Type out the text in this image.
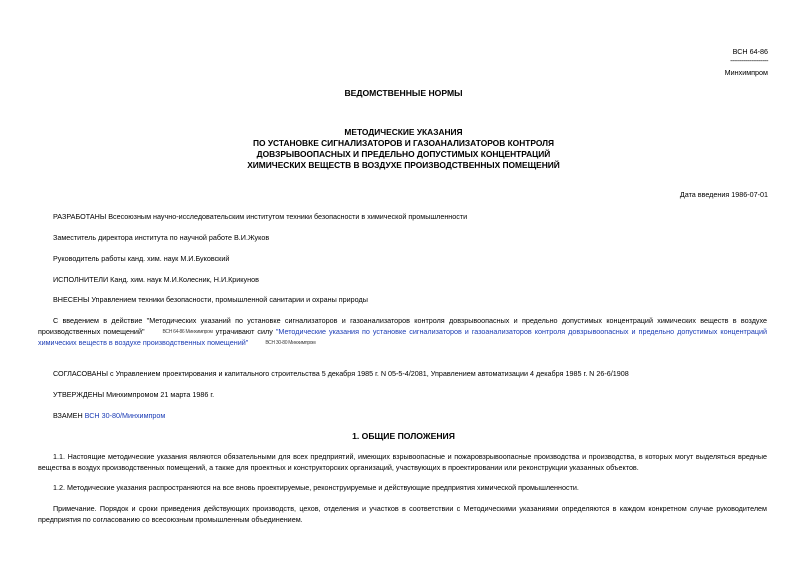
ВСН 64-86
--------------------
Минхимпром
ВЕДОМСТВЕННЫЕ НОРМЫ
МЕТОДИЧЕСКИЕ УКАЗАНИЯ
ПО УСТАНОВКЕ СИГНАЛИЗАТОРОВ И ГАЗОАНАЛИЗАТОРОВ КОНТРОЛЯ
ДОВЗРЫВООПАСНЫХ И ПРЕДЕЛЬНО ДОПУСТИМЫХ КОНЦЕНТРАЦИЙ
ХИМИЧЕСКИХ ВЕЩЕСТВ В ВОЗДУХЕ ПРОИЗВОДСТВЕННЫХ ПОМЕЩЕНИЙ
Дата введения 1986-07-01
РАЗРАБОТАНЫ Всесоюзным научно-исследовательским институтом техники безопасности в химической промышленности
Заместитель директора института по научной работе В.И.Жуков
Руководитель работы канд. хим. наук М.И.Буковский
ИСПОЛНИТЕЛИ Канд. хим. наук М.И.Колесник, Н.И.Крикунов
ВНЕСЕНЫ Управлением техники безопасности, промышленной санитарии и охраны природы
С введением в действие "Методических указаний по установке сигнализаторов и газоанализаторов контроля довзрывоопасных и предельно допустимых концентраций химических веществ в воздухе производственных помещений"	ВСН 64-86 Минхимпром утрачивают силу "Методические указания по установке сигнализаторов и газоанализаторов контроля довзрывоопасных и предельно допустимых концентраций химических веществ в воздухе производственных помещений"	ВСН 30-80 Минхимпром
СОГЛАСОВАНЫ с Управлением проектирования и капитального строительства 5 декабря 1985 г. N 05-5-4/2081, Управлением автоматизации 4 декабря 1985 г. N 26-6/1908
УТВЕРЖДЕНЫ Минхимпромом 21 марта 1986 г.
ВЗАМЕН ВСН 30-80/Минхимпром
1. ОБЩИЕ ПОЛОЖЕНИЯ
1.1. Настоящие методические указания являются обязательными для всех предприятий, имеющих взрывоопасные и пожаровзрывоопасные производства и производства, в которых могут выделяться вредные вещества в воздух производственных помещений, а также для проектных и конструкторских организаций, участвующих в проектировании или реконструкции указанных объектов.
1.2. Методические указания распространяются на все вновь проектируемые, реконструируемые и действующие предприятия химической промышленности.
Примечание. Порядок и сроки приведения действующих производств, цехов, отделения и участков в соответствии с Методическими указаниями определяются в каждом конкретном случае руководителем предприятия по согласованию со всесоюзным промышленным объединением.
